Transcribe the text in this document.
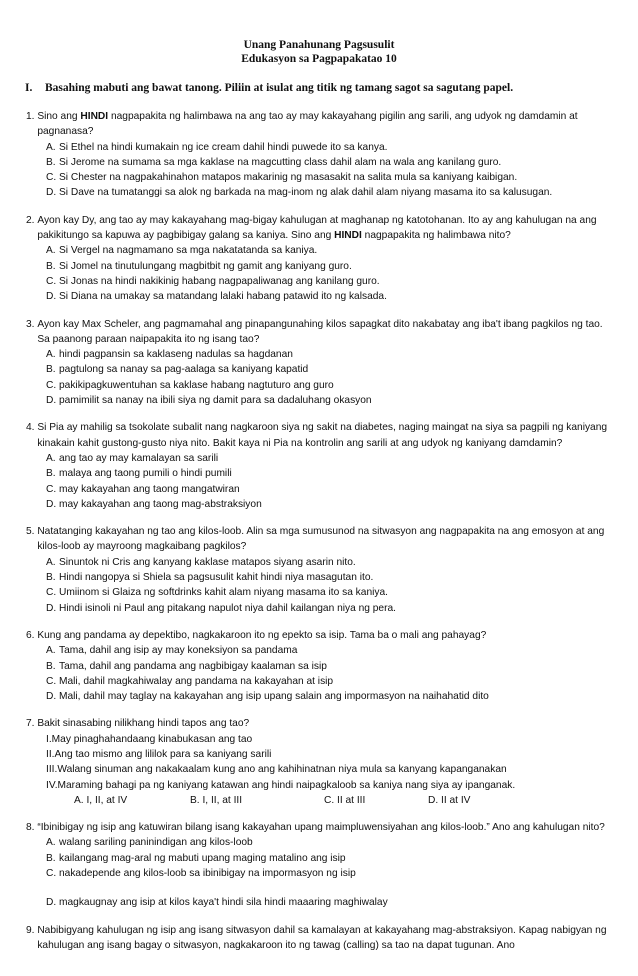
Unang Panahunang Pagsusulit
Edukasyon sa Pagpapakatao 10
I. Basahing mabuti ang bawat tanong. Piliin at isulat ang titik ng tamang sagot sa sagutang papel.
1. Sino ang HINDI nagpapakita ng halimbawa na ang tao ay may kakayahang pigilin ang sarili, ang udyok ng damdamin at pagnanasa?
A.Si Ethel na hindi kumakain ng ice cream dahil hindi puwede ito sa kanya.
B.Si Jerome na sumama sa mga kaklase na magcutting class dahil alam na wala ang kanilang guro.
C.Si Chester na nagpakahinahon matapos makarinig ng masasakit na salita mula sa kaniyang kaibigan.
D.Si Dave na tumatanggi sa alok ng barkada na mag-inom ng alak dahil alam niyang masama ito sa kalusugan.
2. Ayon kay Dy, ang tao ay may kakayahang mag-bigay kahulugan at maghanap ng katotohanan. Ito ay ang kahulugan na ang pakikitungo sa kapuwa ay pagbibigay galang sa kaniya. Sino ang HINDI nagpapakita ng halimbawa nito?
A.Si Vergel na nagmamano sa mga nakatatanda sa kaniya.
B.Si Jomel na tinutulungang magbitbit ng gamit ang kaniyang guro.
C.Si Jonas na hindi nakikinig habang nagpapaliwanag ang kanilang guro.
D.Si Diana na umakay sa matandang lalaki habang patawid ito ng kalsada.
3. Ayon kay Max Scheler, ang pagmamahal ang pinapangunahing kilos sapagkat dito nakabatay ang iba't ibang pagkilos ng tao. Sa paanong paraan naipapakita ito ng isang tao?
A.hindi pagpansin sa kaklaseng nadulas sa hagdanan
B.pagtulong sa nanay sa pag-aalaga sa kaniyang kapatid
C.pakikipagkuwentuhan sa kaklase habang nagtuturo ang guro
D.pamimilit sa nanay na ibili siya ng damit para sa dadaluhang okasyon
4. Si Pia ay mahilig sa tsokolate subalit nang nagkaroon siya ng sakit na diabetes, naging maingat na siya sa pagpili ng kaniyang kinakain kahit gustong-gusto niya nito. Bakit kaya ni Pia na kontrolin ang sarili at ang udyok ng kaniyang damdamin?
A.ang tao ay may kamalayan sa sarili
B.malaya ang taong pumili o hindi pumili
C.may kakayahan ang taong mangatwiran
D.may kakayahan ang taong mag-abstraksiyon
5. Natatanging kakayahan ng tao ang kilos-loob. Alin sa mga sumusunod na sitwasyon ang nagpapakita na ang emosyon at ang kilos-loob ay mayroong magkaibang pagkilos?
A.Sinuntok ni Cris ang kanyang kaklase matapos siyang asarin nito.
B.Hindi nangopya si Shiela sa pagsusulit kahit hindi niya masagutan ito.
C.Umiinom si Glaiza ng softdrinks kahit alam niyang masama ito sa kaniya.
D.Hindi isinoli ni Paul ang pitakang napulot niya dahil kailangan niya ng pera.
6. Kung ang pandama ay depektibo, nagkakaroon ito ng epekto sa isip. Tama ba o mali ang pahayag?
A.Tama, dahil ang isip ay may koneksiyon sa pandama
B.Tama, dahil ang pandama ang nagbibigay kaalaman sa isip
C.Mali, dahil magkahiwalay ang pandama na kakayahan at isip
D.Mali, dahil may taglay na kakayahan ang isip upang salain ang impormasyon na naihahatid dito
7. Bakit sinasabing nilikhang hindi tapos ang tao?
I.May pinaghahandaang kinabukasan ang tao
II.Ang tao mismo ang lililok para sa kaniyang sarili
III.Walang sinuman ang nakakaalam kung ano ang kahihinatnan niya mula sa kanyang kapanganakan
IV.Maraming bahagi pa ng kaniyang katawan ang hindi naipagkaloob sa kaniya nang siya ay ipanganak.
A. I, II, at IV	B. I, II, at III	C. II at III	D. II at IV
8. “Ibinibigay ng isip ang katuwiran bilang isang kakayahan upang maimpluwensiyahan ang kilos-loob.” Ano ang kahulugan nito?
A.walang sariling paninindigan ang kilos-loob
B.kailangang mag-aral ng mabuti upang maging matalino ang isip
C.nakadepende ang kilos-loob sa ibinibigay na impormasyon ng isip
D.magkaugnay ang isip at kilos kaya't hindi sila hindi maaaring maghiwalay
9. Nabibigyang kahulugan ng isip ang isang sitwasyon dahil sa kamalayan at kakayahang mag-abstraksiyon. Kapag nabigyan ng kahulugan ang isang bagay o sitwasyon, nagkakaroon ito ng tawag (calling) sa tao na dapat tugunan. Ano
